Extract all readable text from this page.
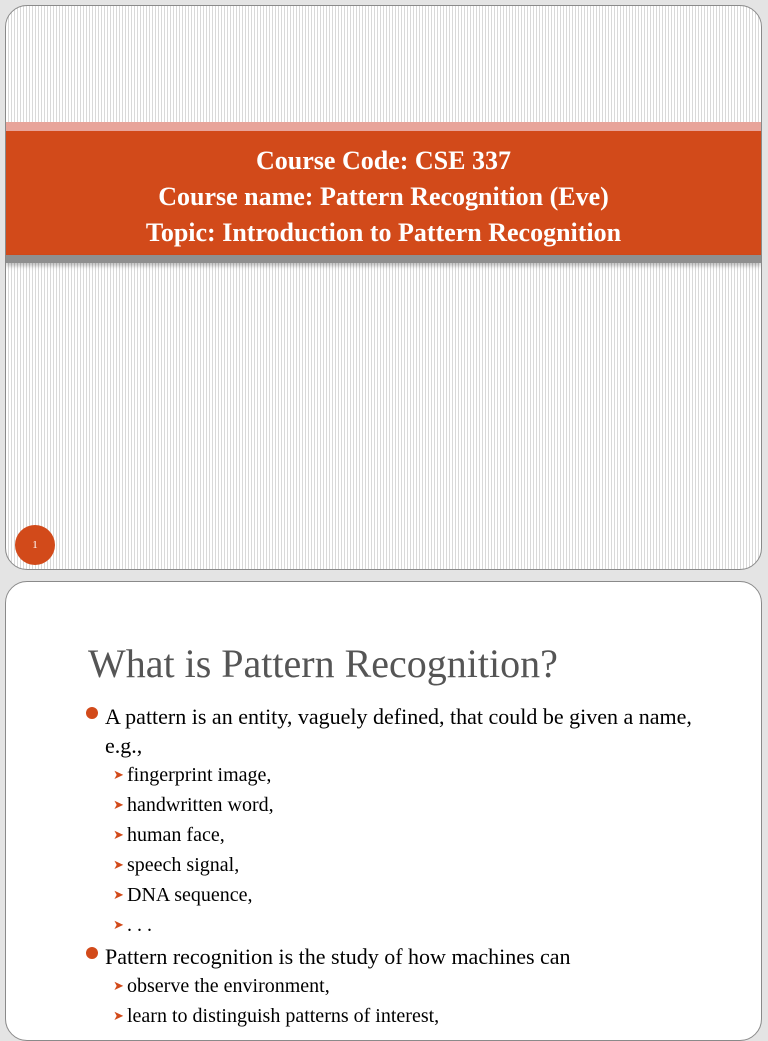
Course Code: CSE 337
Course name: Pattern Recognition (Eve)
Topic: Introduction to Pattern Recognition
1
What is Pattern Recognition?
A pattern is an entity, vaguely defined, that could be given a name, e.g.,
➤ fingerprint image,
➤ handwritten word,
➤ human face,
➤ speech signal,
➤ DNA sequence,
➤ . . .
Pattern recognition is the study of how machines can
➤ observe the environment,
➤ learn to distinguish patterns of interest,
